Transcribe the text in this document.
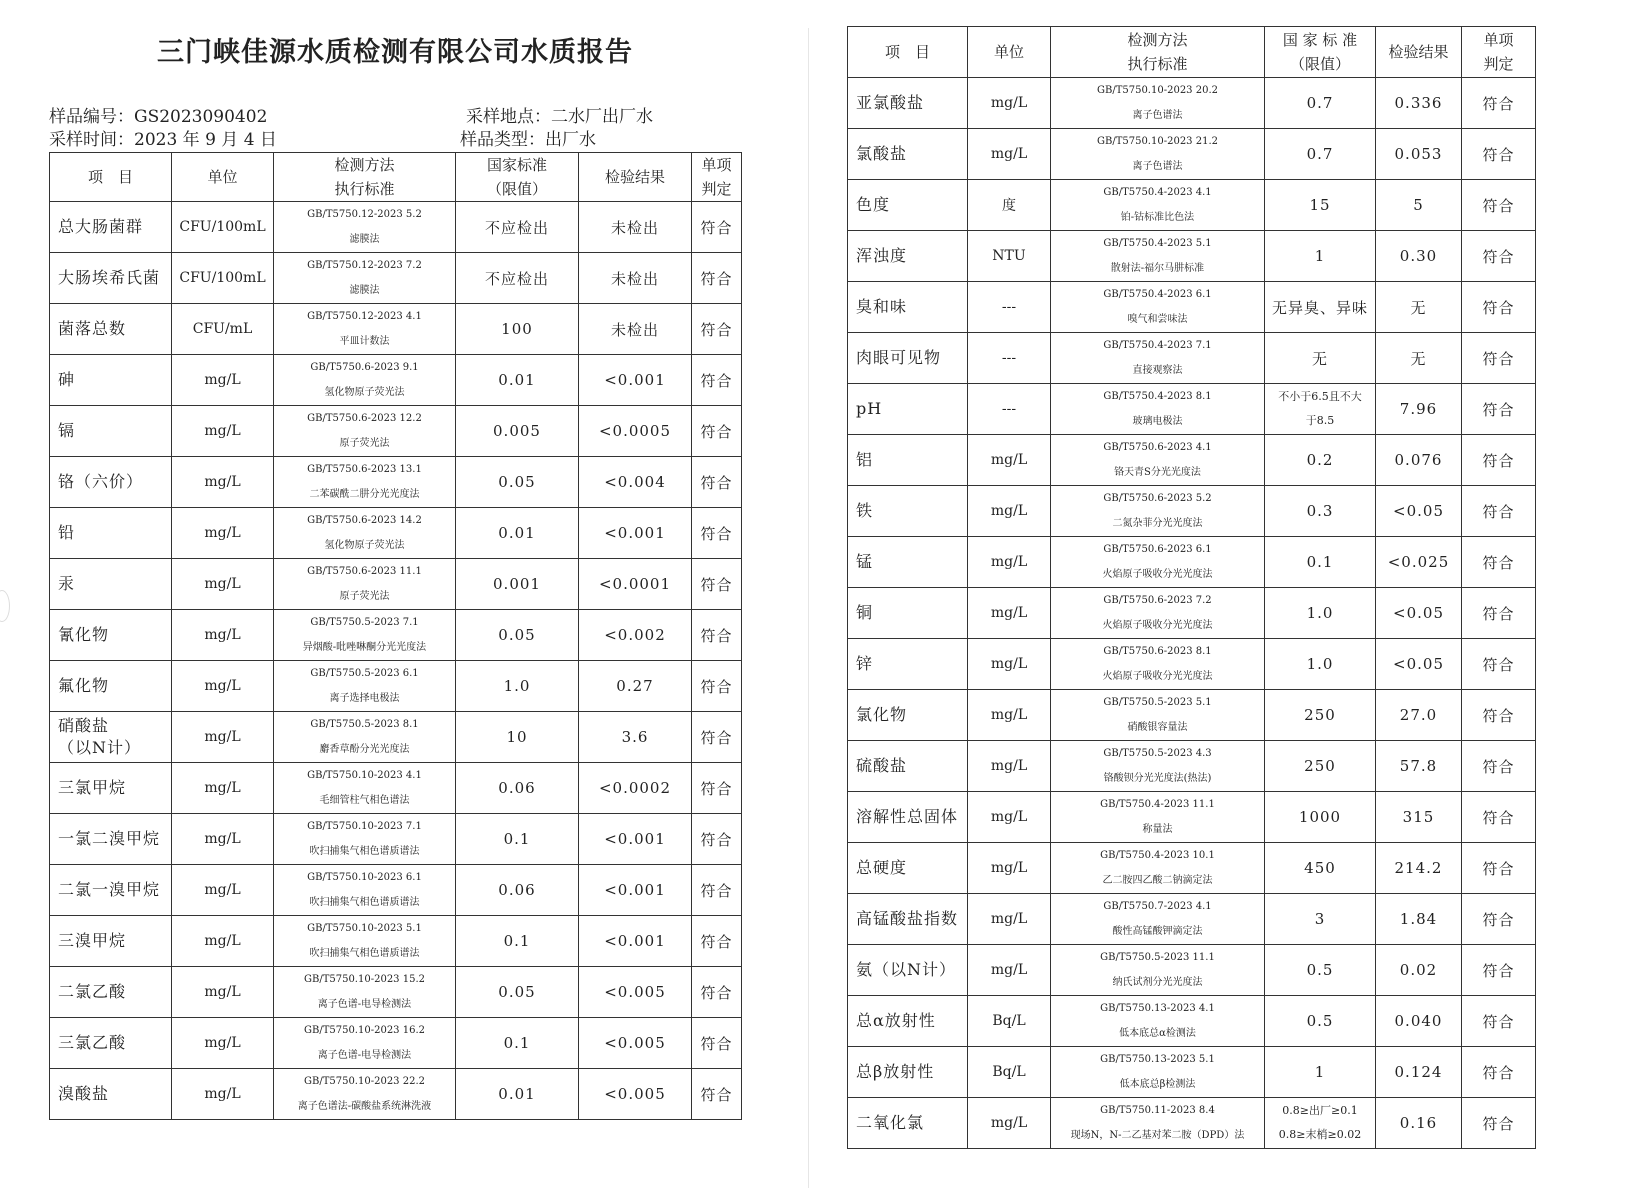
三门峡佳源水质检测有限公司水质报告
样品编号：GS2023090402
采样时间：2023 年 9 月 4 日
采样地点：二水厂出厂水
样品类型：出厂水
项　目	单位	检测方法
执行标准	国家标准
（限值）	检验结果	单项
判定

总大肠菌群	CFU/100mL	GB/T5750.12-2023 5.2
滤膜法	不应检出	未检出	符合
大肠埃希氏菌	CFU/100mL	GB/T5750.12-2023 7.2
滤膜法	不应检出	未检出	符合
菌落总数	CFU/mL	GB/T5750.12-2023 4.1
平皿计数法	100	未检出	符合
砷	mg/L	GB/T5750.6-2023 9.1
氢化物原子荧光法	0.01	<0.001	符合
镉	mg/L	GB/T5750.6-2023 12.2
原子荧光法	0.005	<0.0005	符合
铬（六价）	mg/L	GB/T5750.6-2023 13.1
二苯碳酰二肼分光光度法	0.05	<0.004	符合
铅	mg/L	GB/T5750.6-2023 14.2
氢化物原子荧光法	0.01	<0.001	符合
汞	mg/L	GB/T5750.6-2023 11.1
原子荧光法	0.001	<0.0001	符合
氰化物	mg/L	GB/T5750.5-2023 7.1
异烟酸-吡唑啉酮分光光度法	0.05	<0.002	符合
氟化物	mg/L	GB/T5750.5-2023 6.1
离子选择电极法	1.0	0.27	符合

硝酸盐
（以N计）	mg/L	GB/T5750.5-2023 8.1
麝香草酚分光光度法	10	3.6	符合
三氯甲烷	mg/L	GB/T5750.10-2023 4.1
毛细管柱气相色谱法	0.06	<0.0002	符合
一氯二溴甲烷	mg/L	GB/T5750.10-2023 7.1
吹扫捕集气相色谱质谱法	0.1	<0.001	符合
二氯一溴甲烷	mg/L	GB/T5750.10-2023 6.1
吹扫捕集气相色谱质谱法	0.06	<0.001	符合
三溴甲烷	mg/L	GB/T5750.10-2023 5.1
吹扫捕集气相色谱质谱法	0.1	<0.001	符合
二氯乙酸	mg/L	GB/T5750.10-2023 15.2
离子色谱-电导检测法	0.05	<0.005	符合
三氯乙酸	mg/L	GB/T5750.10-2023 16.2
离子色谱-电导检测法	0.1	<0.005	符合
溴酸盐	mg/L	GB/T5750.10-2023 22.2
离子色谱法-碳酸盐系统淋洗液	0.01	<0.005	符合
项　目	单位	检测方法
执行标准	国 家 标 准
（限值）	检验结果	单项
判定

亚氯酸盐	mg/L	GB/T5750.10-2023 20.2
离子色谱法	0.7	0.336	符合
氯酸盐	mg/L	GB/T5750.10-2023 21.2
离子色谱法	0.7	0.053	符合
色度	度	GB/T5750.4-2023 4.1
铂-钴标准比色法	15	5	符合
浑浊度	NTU	GB/T5750.4-2023 5.1
散射法-福尔马肼标准	1	0.30	符合
臭和味	---	GB/T5750.4-2023 6.1
嗅气和尝味法	无异臭、异味	无	符合
肉眼可见物	---	GB/T5750.4-2023 7.1
直接观察法	无	无	符合
pH	---	GB/T5750.4-2023 8.1
玻璃电极法	不小于6.5且不大
于8.5	7.96	符合
铝	mg/L	GB/T5750.6-2023 4.1
铬天青S分光光度法	0.2	0.076	符合
铁	mg/L	GB/T5750.6-2023 5.2
二氮杂菲分光光度法	0.3	<0.05	符合
锰	mg/L	GB/T5750.6-2023 6.1
火焰原子吸收分光光度法	0.1	<0.025	符合
铜	mg/L	GB/T5750.6-2023 7.2
火焰原子吸收分光光度法	1.0	<0.05	符合
锌	mg/L	GB/T5750.6-2023 8.1
火焰原子吸收分光光度法	1.0	<0.05	符合
氯化物	mg/L	GB/T5750.5-2023 5.1
硝酸银容量法	250	27.0	符合
硫酸盐	mg/L	GB/T5750.5-2023 4.3
铬酸钡分光光度法(热法)	250	57.8	符合
溶解性总固体	mg/L	GB/T5750.4-2023 11.1
称量法	1000	315	符合
总硬度	mg/L	GB/T5750.4-2023 10.1
乙二胺四乙酸二钠滴定法	450	214.2	符合
高锰酸盐指数	mg/L	GB/T5750.7-2023 4.1
酸性高锰酸钾滴定法	3	1.84	符合
氨（以N计）	mg/L	GB/T5750.5-2023 11.1
纳氏试剂分光光度法	0.5	0.02	符合
总α放射性	Bq/L	GB/T5750.13-2023 4.1
低本底总α检测法	0.5	0.040	符合
总β放射性	Bq/L	GB/T5750.13-2023 5.1
低本底总β检测法	1	0.124	符合
二氧化氯	mg/L	GB/T5750.11-2023 8.4
现场N，N-二乙基对苯二胺（DPD）法	0.8≥出厂≥0.1
0.8≥末梢≥0.02	0.16	符合
